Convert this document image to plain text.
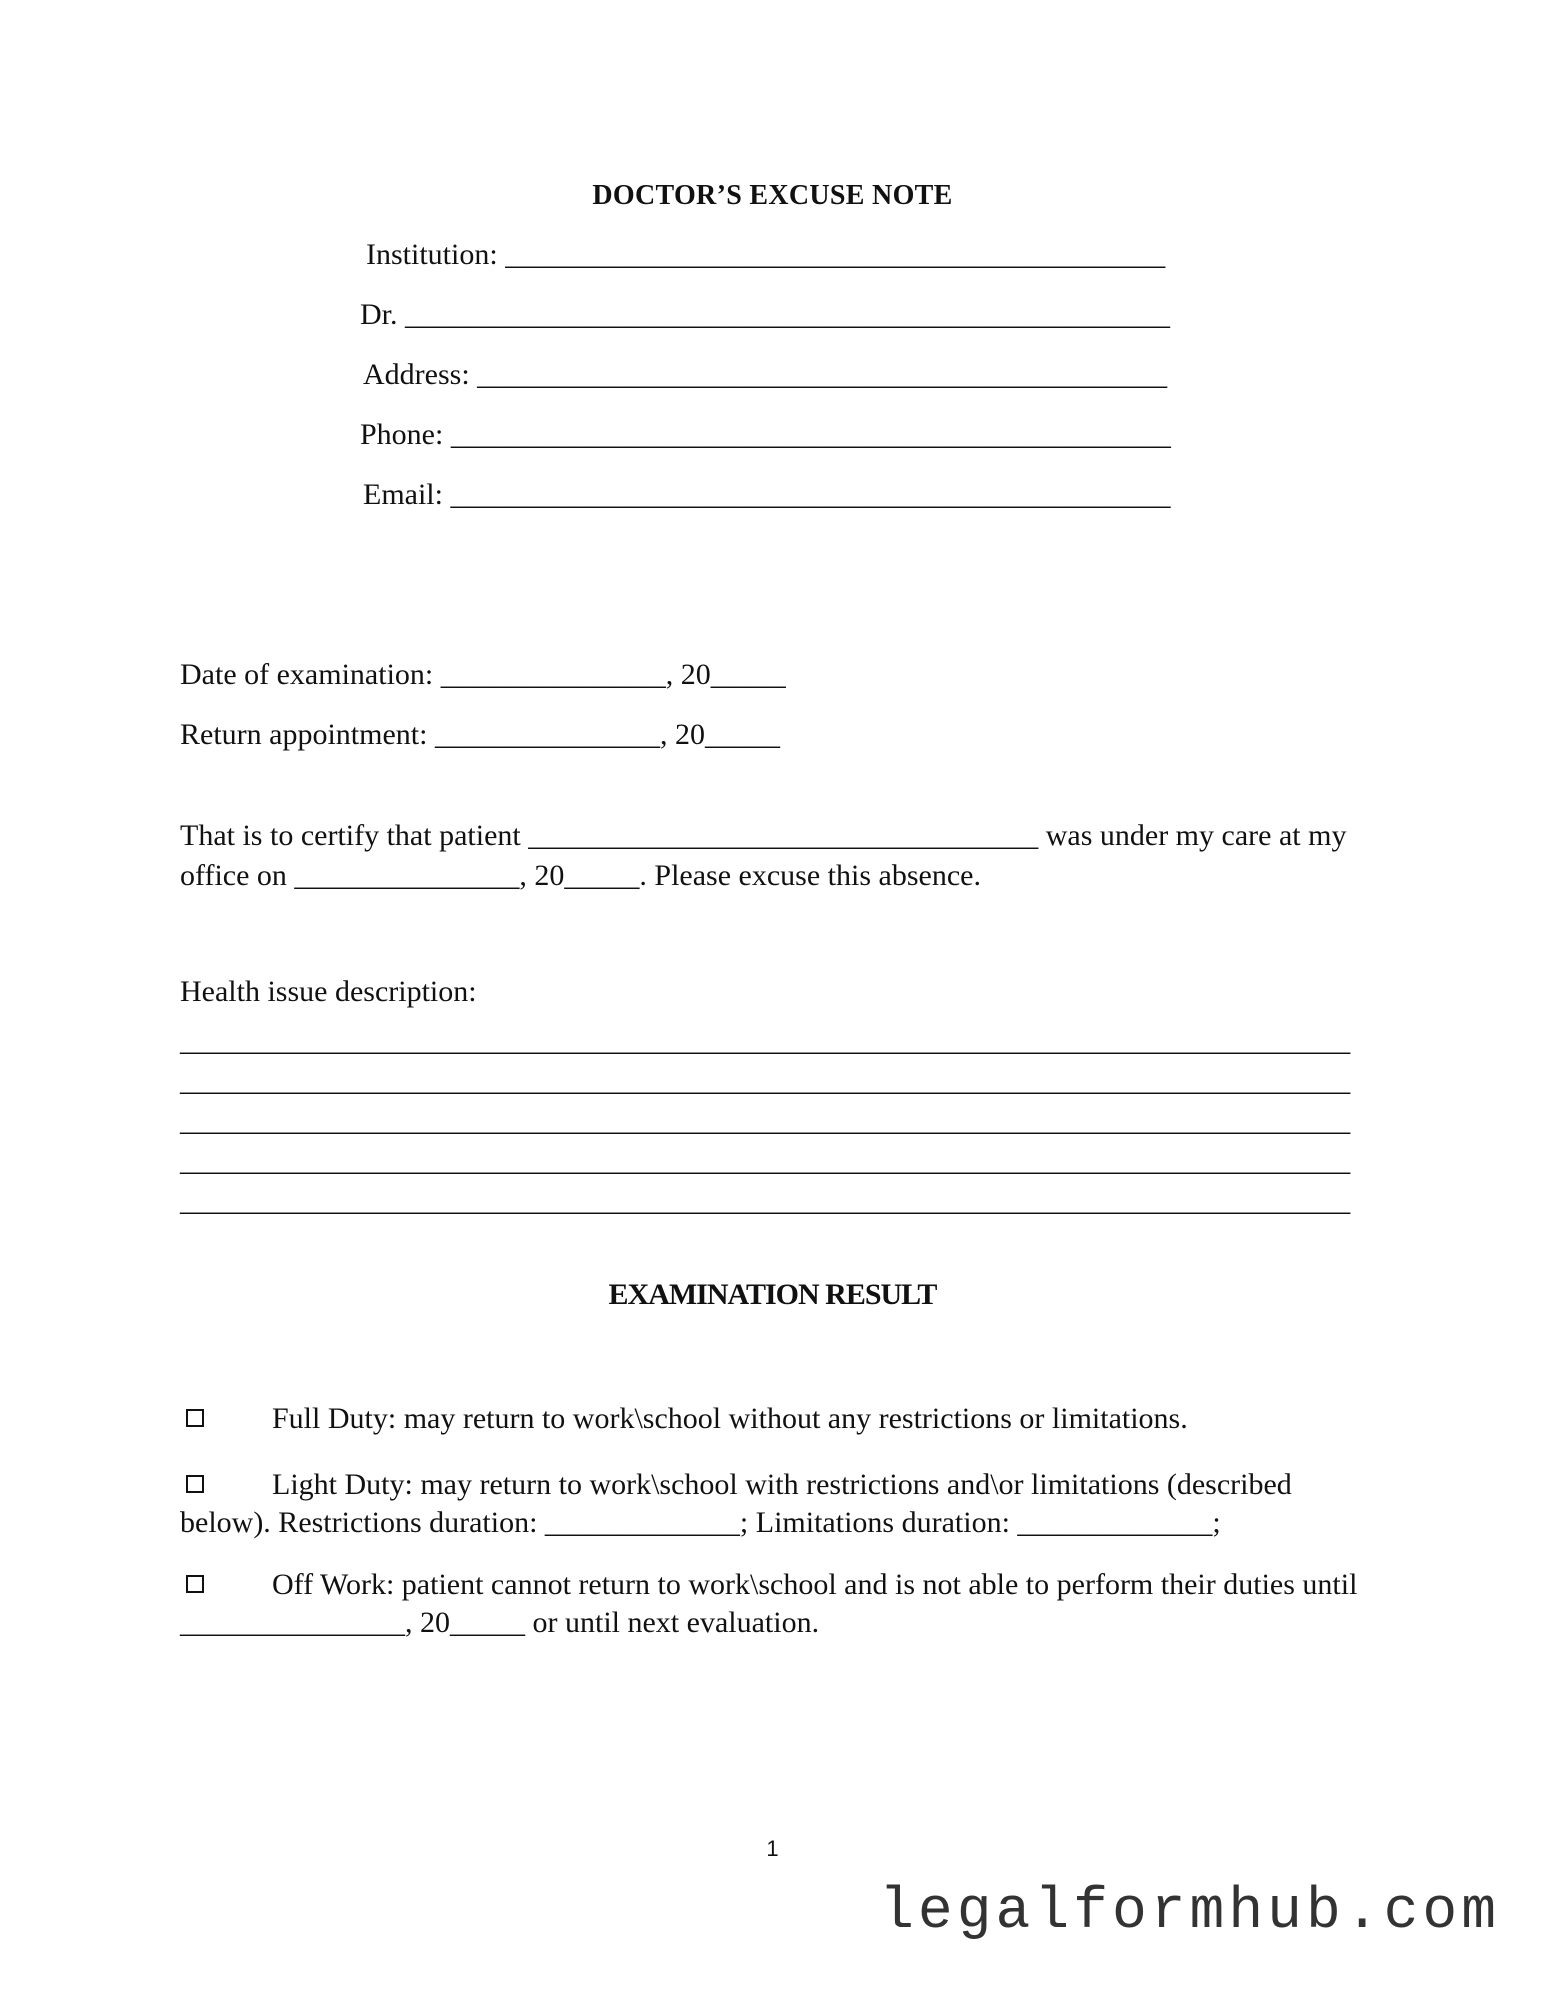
DOCTOR’S EXCUSE NOTE
Institution: ____________________________________________
Dr. ___________________________________________________
Address: ______________________________________________
Phone: ________________________________________________
Email: ________________________________________________
Date of examination: _______________, 20_____
Return appointment: _______________, 20_____
That is to certify that patient __________________________________ was under my care at my office on _______________, 20_____. Please excuse this absence.
Health issue description:
_____________________________________________________________________________
_____________________________________________________________________________
_____________________________________________________________________________
_____________________________________________________________________________
_____________________________________________________________________________
EXAMINATION RESULT
Full Duty: may return to work\school without any restrictions or limitations.
Light Duty: may return to work\school with restrictions and\or limitations (described below). Restrictions duration: _____________; Limitations duration: _____________;
Off Work: patient cannot return to work\school and is not able to perform their duties until _______________, 20_____ or until next evaluation.
1
legalformhub.com
